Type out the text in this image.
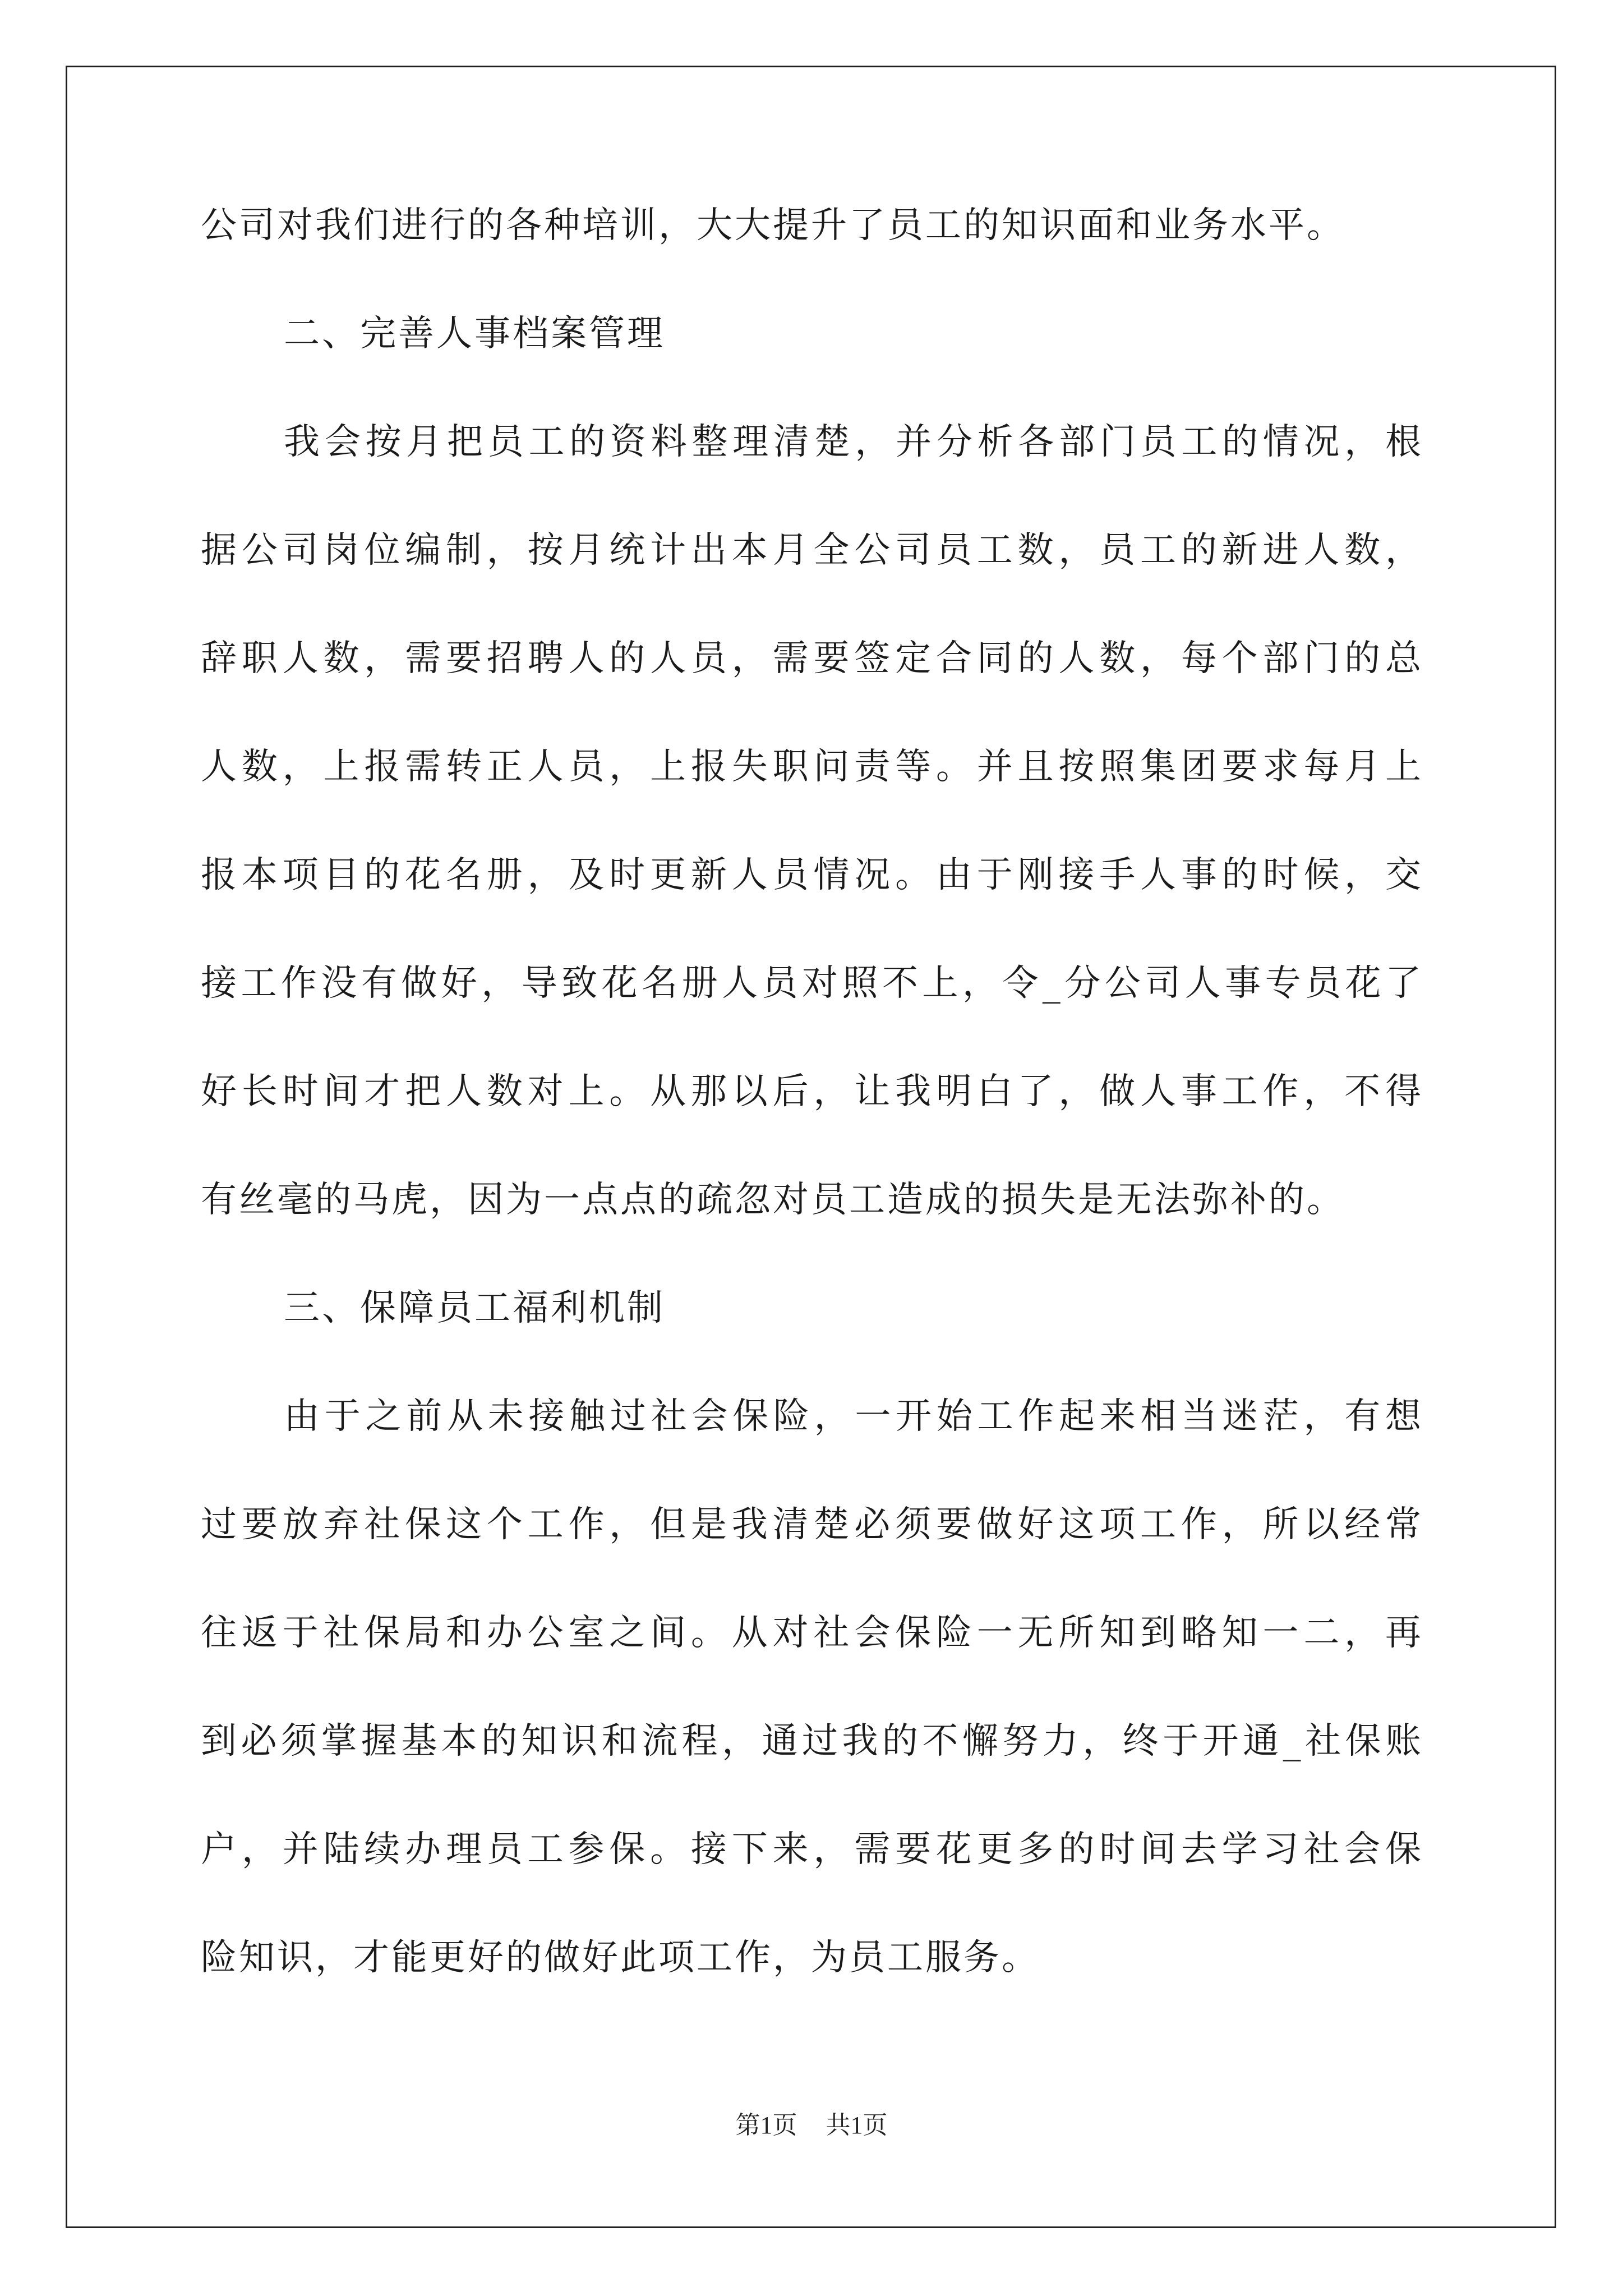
公司对我们进行的各种培训，大大提升了员工的知识面和业务水平。
二、完善人事档案管理
我会按月把员工的资料整理清楚，并分析各部门员工的情况，根
据公司岗位编制，按月统计出本月全公司员工数，员工的新进人数，
辞职人数，需要招聘人的人员，需要签定合同的人数，每个部门的总
人数，上报需转正人员，上报失职问责等。并且按照集团要求每月上
报本项目的花名册，及时更新人员情况。由于刚接手人事的时候，交
接工作没有做好，导致花名册人员对照不上，令_分公司人事专员花了
好长时间才把人数对上。从那以后，让我明白了，做人事工作，不得
有丝毫的马虎，因为一点点的疏忽对员工造成的损失是无法弥补的。
三、保障员工福利机制
由于之前从未接触过社会保险，一开始工作起来相当迷茫，有想
过要放弃社保这个工作，但是我清楚必须要做好这项工作，所以经常
往返于社保局和办公室之间。从对社会保险一无所知到略知一二，再
到必须掌握基本的知识和流程，通过我的不懈努力，终于开通_社保账
户，并陆续办理员工参保。接下来，需要花更多的时间去学习社会保
险知识，才能更好的做好此项工作，为员工服务。
第1页 共1页
